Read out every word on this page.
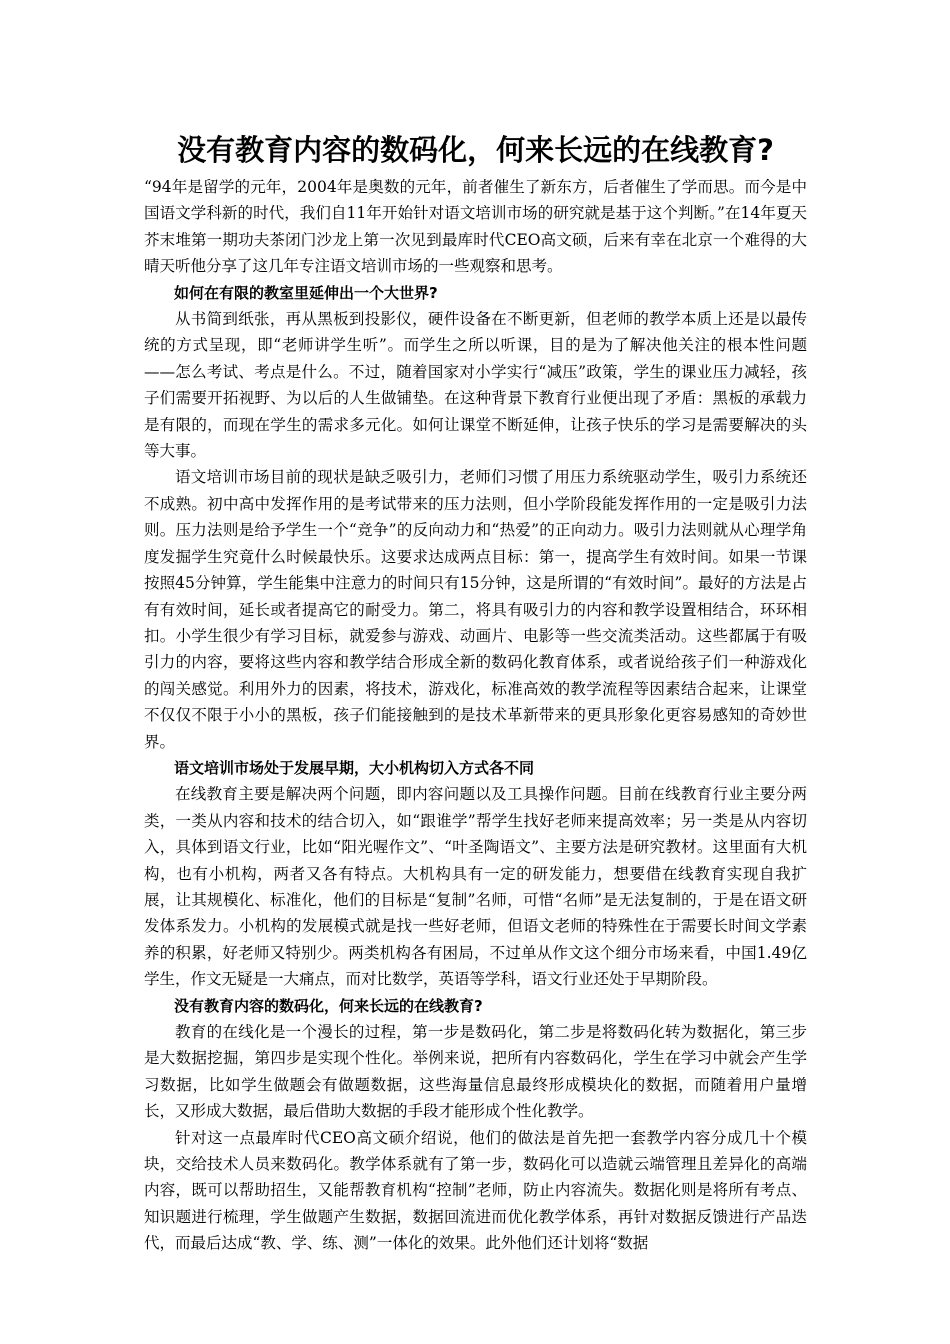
没有教育内容的数码化，何来长远的在线教育?

“94年是留学的元年，2004年是奥数的元年，前者催生了新东方，后者催生了学而思。而今是中国语文学科新的时代，我们自11年开始针对语文培训市场的研究就是基于这个判断。”在14年夏天芥末堆第一期功夫茶闭门沙龙上第一次见到最库时代CEO高文硕，后来有幸在北京一个难得的大晴天听他分享了这几年专注语文培训市场的一些观察和思考。

如何在有限的教室里延伸出一个大世界?

从书简到纸张，再从黑板到投影仪，硬件设备在不断更新，但老师的教学本质上还是以最传统的方式呈现，即“老师讲学生听”。而学生之所以听课，目的是为了解决他关注的根本性问题——怎么考试、考点是什么。不过，随着国家对小学实行“减压”政策，学生的课业压力减轻，孩子们需要开拓视野、为以后的人生做铺垫。在这种背景下教育行业便出现了矛盾：黑板的承载力是有限的，而现在学生的需求多元化。如何让课堂不断延伸，让孩子快乐的学习是需要解决的头等大事。

语文培训市场目前的现状是缺乏吸引力，老师们习惯了用压力系统驱动学生，吸引力系统还不成熟。初中高中发挥作用的是考试带来的压力法则，但小学阶段能发挥作用的一定是吸引力法则。压力法则是给予学生一个“竞争”的反向动力和“热爱”的正向动力。吸引力法则就从心理学角度发掘学生究竟什么时候最快乐。这要求达成两点目标：第一，提高学生有效时间。如果一节课按照45分钟算，学生能集中注意力的时间只有15分钟，这是所谓的“有效时间”。最好的方法是占有有效时间，延长或者提高它的耐受力。第二，将具有吸引力的内容和教学设置相结合，环环相扣。小学生很少有学习目标，就爱参与游戏、动画片、电影等一些交流类活动。这些都属于有吸引力的内容，要将这些内容和教学结合形成全新的数码化教育体系，或者说给孩子们一种游戏化的闯关感觉。利用外力的因素，将技术，游戏化，标准高效的教学流程等因素结合起来，让课堂不仅仅不限于小小的黑板，孩子们能接触到的是技术革新带来的更具形象化更容易感知的奇妙世界。

语文培训市场处于发展早期，大小机构切入方式各不同

在线教育主要是解决两个问题，即内容问题以及工具操作问题。目前在线教育行业主要分两类，一类从内容和技术的结合切入，如“跟谁学”帮学生找好老师来提高效率；另一类是从内容切入，具体到语文行业，比如“阳光喔作文”、“叶圣陶语文”、主要方法是研究教材。这里面有大机构，也有小机构，两者又各有特点。大机构具有一定的研发能力，想要借在线教育实现自我扩展，让其规模化、标准化，他们的目标是“复制”名师，可惜“名师”是无法复制的，于是在语文研发体系发力。小机构的发展模式就是找一些好老师，但语文老师的特殊性在于需要长时间文学素养的积累，好老师又特别少。两类机构各有困局，不过单从作文这个细分市场来看，中国1.49亿学生，作文无疑是一大痛点，而对比数学，英语等学科，语文行业还处于早期阶段。

没有教育内容的数码化，何来长远的在线教育?

教育的在线化是一个漫长的过程，第一步是数码化，第二步是将数码化转为数据化，第三步是大数据挖掘，第四步是实现个性化。举例来说，把所有内容数码化，学生在学习中就会产生学习数据，比如学生做题会有做题数据，这些海量信息最终形成模块化的数据，而随着用户量增长，又形成大数据，最后借助大数据的手段才能形成个性化教学。

针对这一点最库时代CEO高文硕介绍说，他们的做法是首先把一套教学内容分成几十个模块，交给技术人员来数码化。教学体系就有了第一步，数码化可以造就云端管理且差异化的高端内容，既可以帮助招生，又能帮教育机构“控制”老师，防止内容流失。数据化则是将所有考点、知识题进行梳理，学生做题产生数据，数据回流进而优化教学体系，再针对数据反馈进行产品迭代，而最后达成“教、学、练、测”一体化的效果。此外他们还计划将“数据
